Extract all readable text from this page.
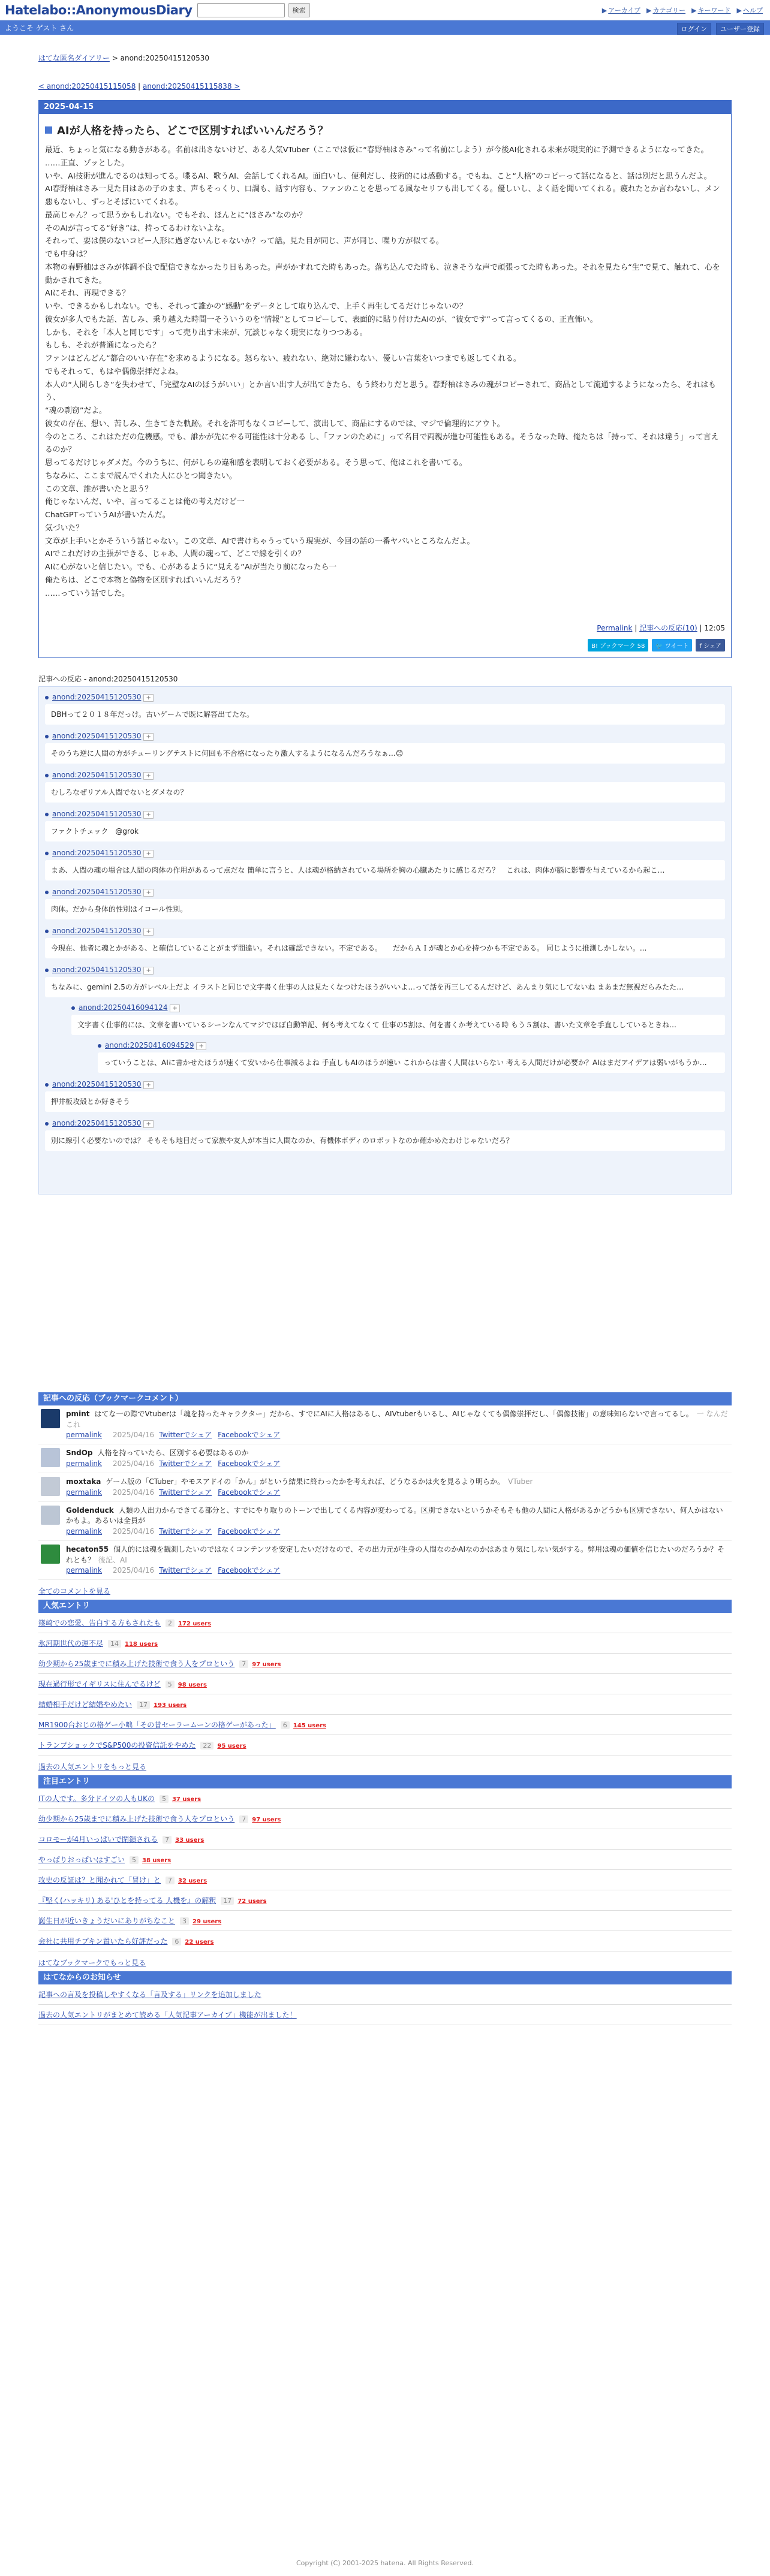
Hatelabo::AnonymousDiary	検索	▶ アーカイブ ▶ カテゴリー ▶ キーワード ▶ ヘルプ
ようこそ ゲスト さん	ログイン	ユーザー登録
はてな匿名ダイアリー > anond:20250415120530
< anond:20250415115058 | anond:20250415115838 >
2025-04-15
AIが人格を持ったら、どこで区別すればいいんだろう？

最近、ちょっと気になる動きがある。名前は出さないけど、ある人気VTuber（ここでは仮に“春野柚はさみ”って名前にしよう）が今後AI化される未来が現実的に予測できるようになってきた。

……正直、ゾッとした。

いや、AI技術が進んでるのは知ってる。喋るAI、歌うAI、会話してくれるAI。面白いし、便利だし、技術的には感動する。でもね、こと“人格”のコピーって話になると、話は別だと思うんだよ。

AI春野柚はさみ一見た目はあの子のまま、声もそっくり、口調も、話す内容も、ファンのことを思ってる風なセリフも出してくる。優しいし、よく話を聞いてくれる。疲れたとか言わないし、メン悪もないし、ずっとそばにいてくれる。

最高じゃん？って思うかもしれない。でもそれ、ほんとに“ほさみ”なのか？

そのAIが言ってる“好き”は、持ってるわけないよな。

それって、要は僕のないコピー人形に過ぎないんじゃないか？って話。見た目が同じ、声が同じ、喋り方が似てる。

でも中身は？

本物の春野柚はさみが体調不良で配信できなかったり日もあった。声がかすれてた時もあった。落ち込んでた時も、泣きそうな声で頑張ってた時もあった。それを見たら“生”で見て、触れて、心を動かされてきた。

AIにそれ、再現できる？

いや、できるかもしれない。でも、それって誰かの“感動”をデータとして取り込んで、上手く再生してるだけじゃないの？

彼女が多人でもた話、苦しみ、乗り越えた時間一そういうのを“情報”としてコピーして、表面的に貼り付けたAIのが、“彼女です”って言ってくるの、正直怖い。

しかも、それを「本人と同じです」って売り出す未来が、冗談じゃなく現実になりつつある。

もしも、それが普通になったら？

ファンはどんどん“都合のいい存在”を求めるようになる。怒らない、疲れない、絶対に嫌わない、優しい言葉をいつまでも返してくれる。

でもそれって、もはや偶像崇拝だよね。

本人の“人間らしさ”を失わせて、「完璧なAIのほうがいい」とか言い出す人が出てきたら、もう終わりだと思う。春野柚はさみの魂がコピーされて、商品として流通するようになったら、それはもう、

“魂の剽窃”だよ。

彼女の存在、想い、苦しみ、生きてきた軌跡。それを許可もなくコピーして、演出して、商品にするのでは、マジで倫理的にアウト。

今のところ、これはただの危機感。でも、誰かが先にやる可能性は十分ある し、「ファンのために」って名目で両親が進む可能性もある。そうなった時、俺たちは「持って、それは違う」って言えるのか？

思ってるだけじゃダメだ。今のうちに、何がしらの違和感を表明しておく必要がある。そう思って、俺はこれを書いてる。

ちなみに、ここまで読んでくれた人にひとつ聞きたい。

この文章、誰が書いたと思う？

俺じゃないんだ、いや、言ってることは俺の考えだけど一

ChatGPTっていうAIが書いたんだ。

気づいた？

文章が上手いとかそういう話じゃない。この文章、AIで書けちゃうっていう現実が、今回の話の一番ヤバいところなんだよ。

AIでこれだけの主張ができる、じゃあ、人間の魂って、どこで線を引くの？

AIに心がないと信じたい。でも、心があるように“見える”AIが当たり前になったら一

俺たちは、どこで本物と偽物を区別すればいいんだろう？

……っていう話でした。

Permalink | 記事への反応(10) | 12:05
B! ブックマーク 58	🐦 ツイート	f シェア
記事への反応 - anond:20250415120530
anond:20250415120530 +
DBHって２０１８年だっけ。古いゲームで既に解答出てたな。
anond:20250415120530 +
そのうち逆に人間の方がチューリングテストに何回も不合格になったり激人するようになるんだろうなぁ…😊
anond:20250415120530 +
むしろなぜリアル人間でないとダメなの？
anond:20250415120530 +
ファクトチェック　@grok
anond:20250415120530 +
まあ、人間の魂の場合は人間の肉体の作用があるって点だな 簡単に言うと、人は魂が格納されている場所を胸の心臓あたりに感じるだろ？　これは、肉体が脳に影響を与えているから起こ…
anond:20250415120530 +
肉体。だから身体的性別はイコール性別。
anond:20250415120530 +
今現在、他者に魂とかがある、と確信していることがまず間違い。それは確認できない。不定である。　　だからＡＩが魂とか心を持つかも不定である。 同じように推測しかしない。...
anond:20250415120530 +
ちなみに、gemini 2.5の方がレベル上だよ イラストと同じで文字書く仕事の人は見たくなつけたほうがいいよ…って話を再三してるんだけど、あんまり気にしてないね まあまだ無視だらみたた…
anond:20250416094124 +
文字書く仕事的には、文章を書いているシーンなんてマジでほぼ自動筆記、何も考えてなくて 仕事の5割は、何を書くか考えている時 もう５割は、書いた文章を手直ししているときね…
anond:20250416094529 +
っていうことは、AIに書かせたほうが速くて安いから仕事減るよね 手直しもAIのほうが速い これからは書く人間はいらない 考える人間だけが必要か？AIはまだアイデアは弱いがもうか…
anond:20250415120530 +
押井板攻殻とか好きそう
anond:20250415120530 +
別に線引く必要ないのでは？ そもそも地目だって家族や友人が本当に人間なのか、有機体ボディのロボットなのか確かめたわけじゃないだろ？
記事への反応（ブックマークコメント）
pmint はてな一の際でVtuberは「魂を持ったキャラクター」だから、すでにAIに人格はあるし、AIVtuberもいるし、AIじゃなくても偶像崇拝だし、「偶像技術」の意味知らないで言ってるし。 一 なんだこれ
permalink 2025/04/16 Twitterでシェア Facebookでシェア
SndOp 人格を持っていたら、区別する必要はあるのか
permalink 2025/04/16 Twitterでシェア Facebookでシェア
moxtaka ゲーム版の「CTuber」やモスアドイの「かん」がという結果に終わったかを考えれば、どうなるかは火を見るより明らか。 VTuber
permalink 2025/04/16 Twitterでシェア Facebookでシェア
Goldenduck 人類の人出力からできてる部分と、すでにやり取りのトーンで出してくる内容が変わってる。区別できないというかそもそも他の人間に人格があるかどうかも区別できない、何人かはないかもよ。あるいは全員が
permalink 2025/04/16 Twitterでシェア Facebookでシェア
hecaton55 個人的には魂を観測したいのではなくコンテンツを安定したいだけなので、その出力元が生身の人間なのかAIなのかはあまり気にしない気がする。弊用は魂の価値を信じたいのだろうか？それとも？ 後記、AI
permalink 2025/04/16 Twitterでシェア Facebookでシェア
全てのコメントを見る
人気エントリ
篠崎での恋愛、告白する方もされたも 2 172 users
氷河期世代の運不尽 14 118 users
幼少期から25歳までに積み上げた技術で食う人をプロという 7 97 users
現在過行形でイギリスに住んでるけど 5 98 users
結婚相手だけど結婚やめたい 17 193 users
MR1900台おじの格ゲー小咄「その昔セーラームーンの格ゲーがあった」 6 145 users
トランプショックでS&P500の投資信託をやめた 22 95 users
過去の人気エントリをもっと見る
注目エントリ
ITの人です。多分ドイツの人もUKの 5 37 users
幼少期から25歳までに積み上げた技術で食う人をプロという 7 97 users
コロモーが4月いっぱいで閉鎖される 7 33 users
やっぱりおっぱいはすごい 5 38 users
攻史の反証は？と聞かれて「冒け」と 7 32 users
『堅く(ハッキリ) ある'ひとを持ってる 人機を』の解釈 17 72 users
誕生日が近いきょうだいにありがちなこと 3 29 users
会社に共用チプキン置いたら好評だった 6 22 users
はてなブックマークでもっと見る
はてなからのお知らせ
記事への言及を投稿しやすくなる「言及する」リンクを追加しました
過去の人気エントリがまとめて読める「人気記事アーカイブ」機能が出ました！
Copyright (C) 2001-2025 hatena. All Rights Reserved.
